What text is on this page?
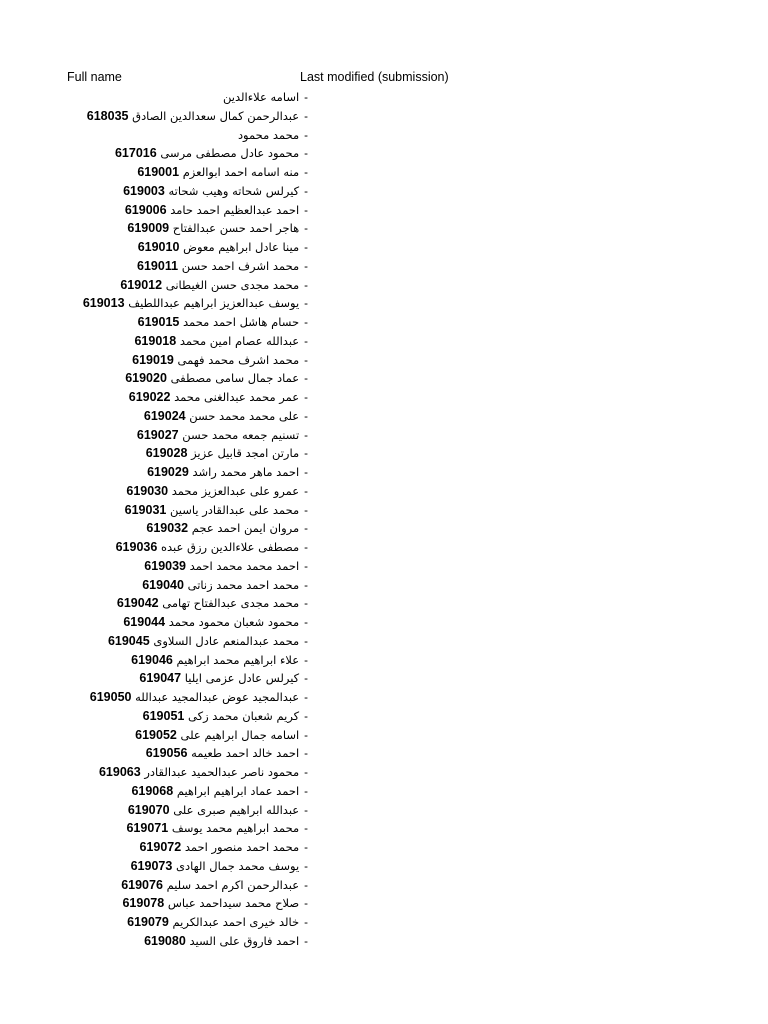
Full name	Last modified (submission)
-اسامه علاءالدين
-عبدالرحمن كمال سعدالدين الصادق 618035
-محمد محمود
-محمود عادل مصطفى مرسى 617016
-منه اسامه احمد ابوالعزم 619001
-كيرلس شحاته وهيب شحاته 619003
-احمد عبدالعظيم احمد حامد 619006
-هاجر احمد حسن عبدالفتاح 619009
-مينا عادل ابراهيم معوض 619010
-محمد اشرف احمد حسن 619011
-محمد مجدى حسن الغيطانى 619012
-يوسف عبدالعزيز ابراهيم عبداللطيف 619013
-حسام هاشل احمد محمد 619015
-عبدالله عصام امين محمد 619018
-محمد اشرف محمد فهمى 619019
-عماد جمال سامى مصطفى 619020
-عمر محمد عبدالغنى محمد 619022
-على محمد محمد حسن 619024
-تسنيم جمعه محمد حسن 619027
-مارتن امجد قابيل عزيز 619028
-احمد ماهر محمد راشد 619029
-عمرو على عبدالعزيز محمد 619030
-محمد على عبدالقادر ياسين 619031
-مروان ايمن احمد عجم 619032
-مصطفى علاءالدين رزق عبده 619036
-احمد محمد محمد احمد 619039
-محمد احمد محمد زناتى 619040
-محمد مجدى عبدالفتاح تهامى 619042
-محمود شعبان محمود محمد 619044
-محمد عبدالمنعم عادل السلاوى 619045
-علاء ابراهيم محمد ابراهيم 619046
-كيرلس عادل عزمى ايليا 619047
-عبدالمجيد عوض عبدالمجيد عبدالله 619050
-كريم شعبان محمد زكى 619051
-اسامه جمال ابراهيم على 619052
-احمد خالد احمد طعيمه 619056
-محمود ناصر عبدالحميد عبدالقادر 619063
-احمد عماد ابراهيم ابراهيم 619068
-عبدالله ابراهيم صبرى على 619070
-محمد ابراهيم محمد يوسف 619071
-محمد احمد منصور احمد 619072
-يوسف محمد جمال الهادى 619073
-عبدالرحمن اكرم احمد سليم 619076
-صلاح محمد سيداحمد عباس 619078
-خالد خيرى احمد عبدالكريم 619079
-احمد فاروق على السيد 619080
